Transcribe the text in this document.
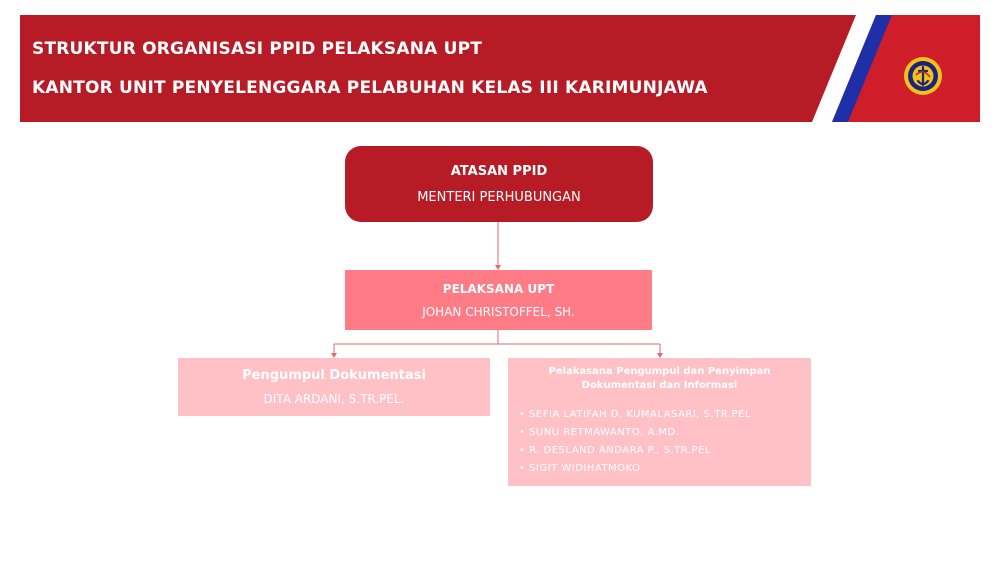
STRUKTUR ORGANISASI PPID PELAKSANA UPT
KANTOR UNIT PENYELENGGARA PELABUHAN KELAS III KARIMUNJAWA
ATASAN PPID
MENTERI PERHUBUNGAN
PELAKSANA UPT
JOHAN CHRISTOFFEL, SH.
Pengumpul Dokumentasi
DITA ARDANI, S.TR.PEL.
Pelakasana Pengumpul dan Penyimpan
Dokumentasi dan Informasi
• SEFIA LATIFAH D. KUMALASARI, S.TR.PEL
• SUNU RETMAWANTO, A.MD.
• R. DESLAND ANDARA P., S.TR.PEL
• SIGIT WIDIHATMOKO
